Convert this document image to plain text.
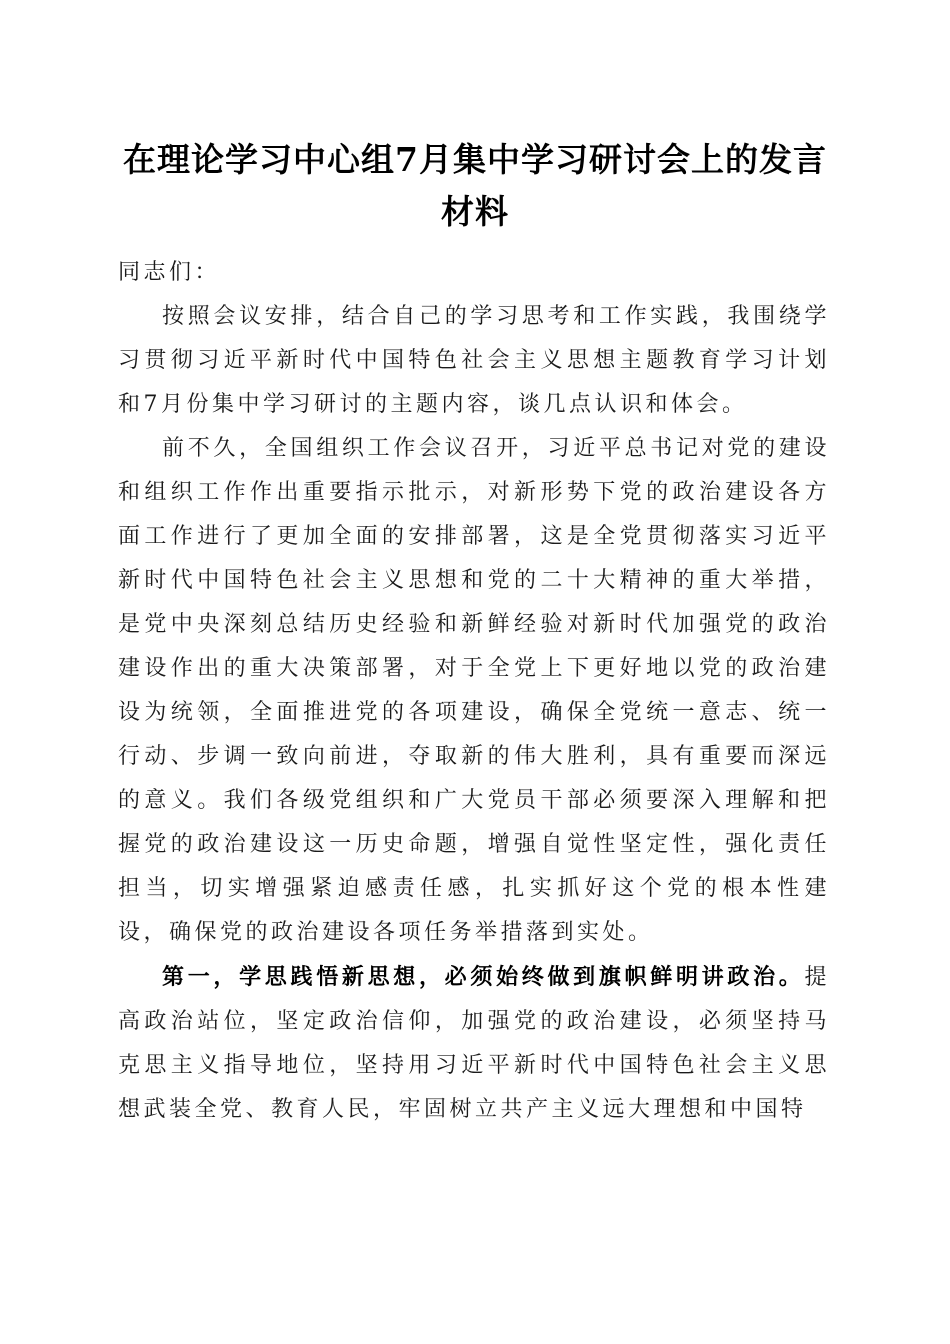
在理论学习中心组7月集中学习研讨会上的发言材料

同志们：

按照会议安排，结合自己的学习思考和工作实践，我围绕学习贯彻习近平新时代中国特色社会主义思想主题教育学习计划和7月份集中学习研讨的主题内容，谈几点认识和体会。

前不久，全国组织工作会议召开，习近平总书记对党的建设和组织工作作出重要指示批示，对新形势下党的政治建设各方面工作进行了更加全面的安排部署，这是全党贯彻落实习近平新时代中国特色社会主义思想和党的二十大精神的重大举措，是党中央深刻总结历史经验和新鲜经验对新时代加强党的政治建设作出的重大决策部署，对于全党上下更好地以党的政治建设为统领，全面推进党的各项建设，确保全党统一意志、统一行动、步调一致向前进，夺取新的伟大胜利，具有重要而深远的意义。我们各级党组织和广大党员干部必须要深入理解和把握党的政治建设这一历史命题，增强自觉性坚定性，强化责任担当，切实增强紧迫感责任感，扎实抓好这个党的根本性建设，确保党的政治建设各项任务举措落到实处。

第一，学思践悟新思想，必须始终做到旗帜鲜明讲政治。提高政治站位，坚定政治信仰，加强党的政治建设，必须坚持马克思主义指导地位，坚持用习近平新时代中国特色社会主义思想武装全党、教育人民，牢固树立共产主义远大理想和中国特
